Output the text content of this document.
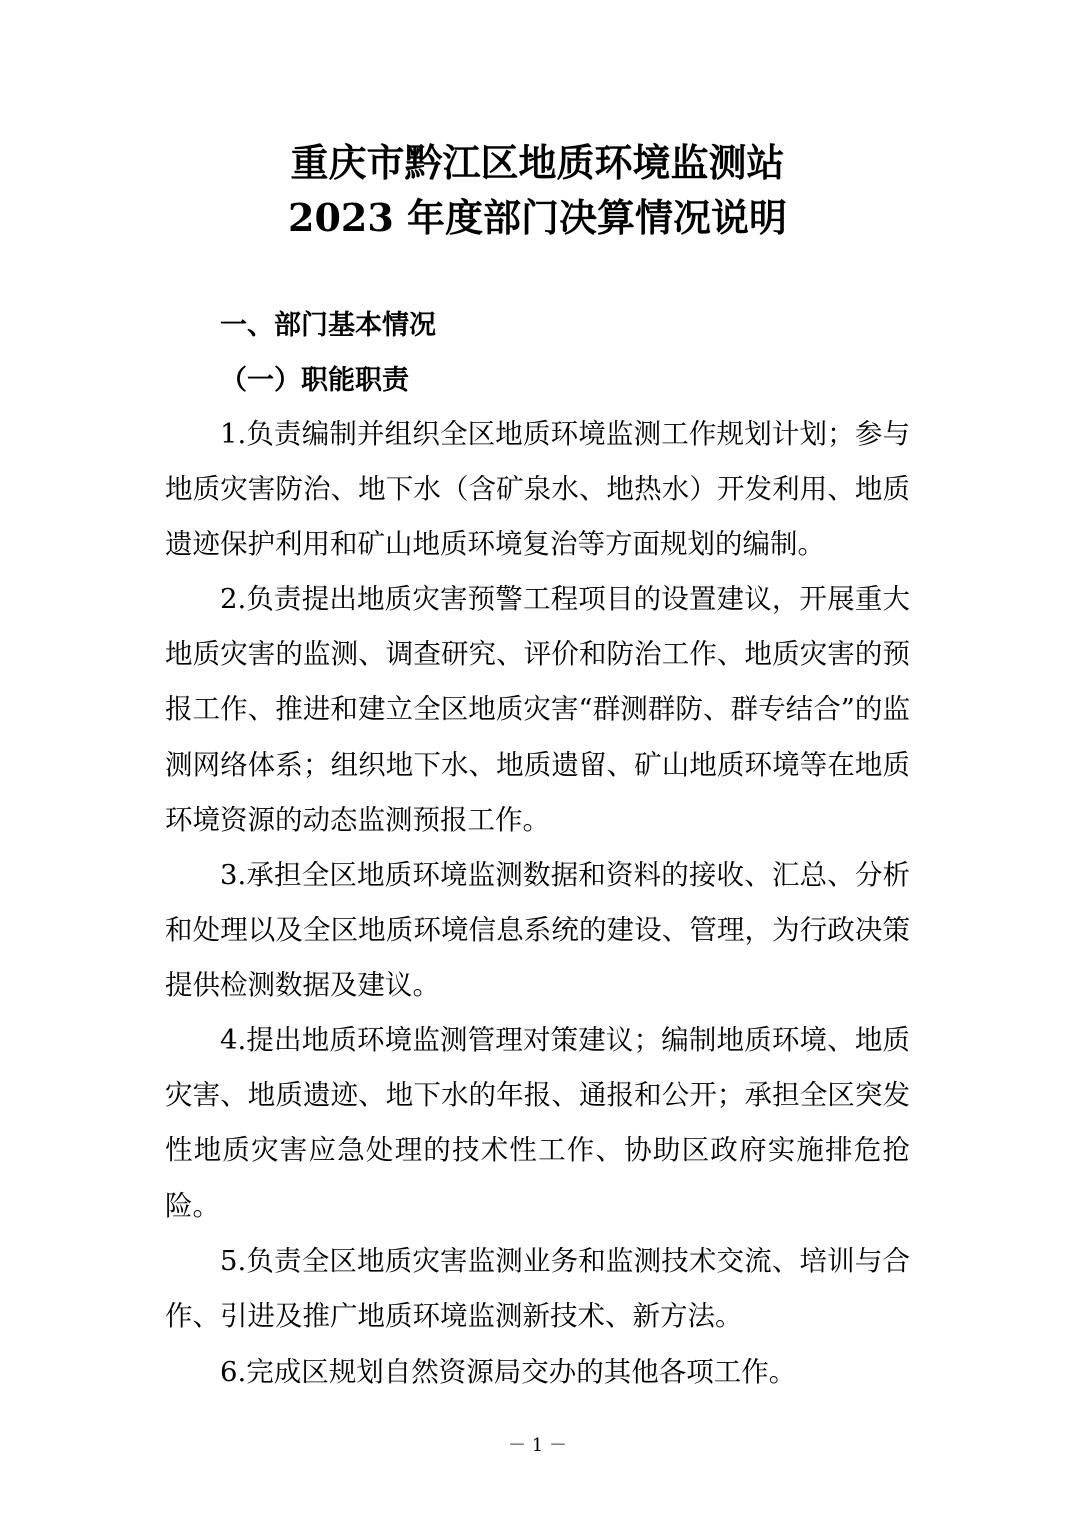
重庆市黔江区地质环境监测站
2023 年度部门决算情况说明
一、部门基本情况
（一）职能职责

1.负责编制并组织全区地质环境监测工作规划计划；参与地质灾害防治、地下水（含矿泉水、地热水）开发利用、地质遗迹保护利用和矿山地质环境复治等方面规划的编制。

2.负责提出地质灾害预警工程项目的设置建议，开展重大地质灾害的监测、调查研究、评价和防治工作、地质灾害的预报工作、推进和建立全区地质灾害“群测群防、群专结合”的监测网络体系；组织地下水、地质遗留、矿山地质环境等在地质环境资源的动态监测预报工作。

3.承担全区地质环境监测数据和资料的接收、汇总、分析和处理以及全区地质环境信息系统的建设、管理，为行政决策提供检测数据及建议。

4.提出地质环境监测管理对策建议；编制地质环境、地质灾害、地质遗迹、地下水的年报、通报和公开；承担全区突发性地质灾害应急处理的技术性工作、协助区政府实施排危抢险。

5.负责全区地质灾害监测业务和监测技术交流、培训与合作、引进及推广地质环境监测新技术、新方法。

6.完成区规划自然资源局交办的其他各项工作。

－ 1 －
